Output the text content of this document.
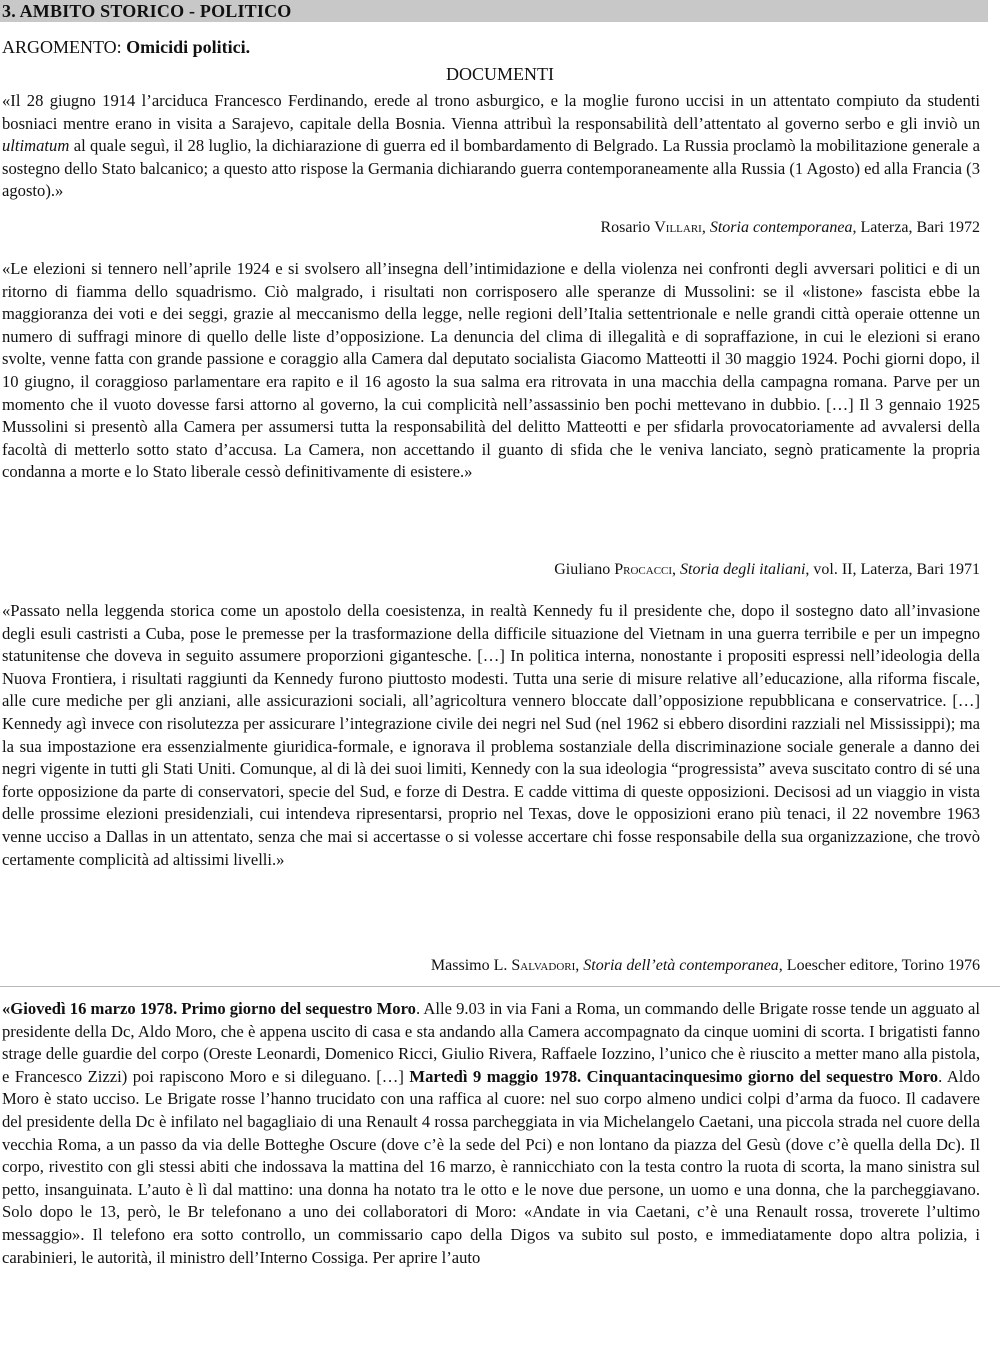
3. AMBITO STORICO - POLITICO
ARGOMENTO: Omicidi politici.
DOCUMENTI

«Il 28 giugno 1914 l’arciduca Francesco Ferdinando, erede al trono asburgico, e la moglie furono uccisi in un attentato compiuto da studenti bosniaci mentre erano in visita a Sarajevo, capitale della Bosnia. Vienna attribuì la responsabilità dell’attentato al governo serbo e gli inviò un ultimatum al quale seguì, il 28 luglio, la dichiarazione di guerra ed il bombardamento di Belgrado. La Russia proclamò la mobilitazione generale a sostegno dello Stato balcanico; a questo atto rispose la Germania dichiarando guerra contemporaneamente alla Russia (1 Agosto) ed alla Francia (3 agosto).»

Rosario Villari, Storia contemporanea, Laterza, Bari 1972

«Le elezioni si tennero nell’aprile 1924 e si svolsero all’insegna dell’intimidazione e della violenza nei confronti degli avversari politici e di un ritorno di fiamma dello squadrismo. Ciò malgrado, i risultati non corrisposero alle speranze di Mussolini: se il «listone» fascista ebbe la maggioranza dei voti e dei seggi, grazie al meccanismo della legge, nelle regioni dell’Italia settentrionale e nelle grandi città operaie ottenne un numero di suffragi minore di quello delle liste d’opposizione. La denuncia del clima di illegalità e di sopraffazione, in cui le elezioni si erano svolte, venne fatta con grande passione e coraggio alla Camera dal deputato socialista Giacomo Matteotti il 30 maggio 1924. Pochi giorni dopo, il 10 giugno, il coraggioso parlamentare era rapito e il 16 agosto la sua salma era ritrovata in una macchia della campagna romana. Parve per un momento che il vuoto dovesse farsi attorno al governo, la cui complicità nell’assassinio ben pochi mettevano in dubbio. […] Il 3 gennaio 1925 Mussolini si presentò alla Camera per assumersi tutta la responsabilità del delitto Matteotti e per sfidarla provocatoriamente ad avvalersi della facoltà di metterlo sotto stato d’accusa. La Camera, non accettando il guanto di sfida che le veniva lanciato, segnò praticamente la propria condanna a morte e lo Stato liberale cessò definitivamente di esistere.»

Giuliano Procacci, Storia degli italiani, vol. II, Laterza, Bari 1971

«Passato nella leggenda storica come un apostolo della coesistenza, in realtà Kennedy fu il presidente che, dopo il sostegno dato all’invasione degli esuli castristi a Cuba, pose le premesse per la trasformazione della difficile situazione del Vietnam in una guerra terribile e per un impegno statunitense che doveva in seguito assumere proporzioni gigantesche. […] In politica interna, nonostante i propositi espressi nell’ideologia della Nuova Frontiera, i risultati raggiunti da Kennedy furono piuttosto modesti. Tutta una serie di misure relative all’educazione, alla riforma fiscale, alle cure mediche per gli anziani, alle assicurazioni sociali, all’agricoltura vennero bloccate dall’opposizione repubblicana e conservatrice. […] Kennedy agì invece con risolutezza per assicurare l’integrazione civile dei negri nel Sud (nel 1962 si ebbero disordini razziali nel Mississippi); ma la sua impostazione era essenzialmente giuridica-formale, e ignorava il problema sostanziale della discriminazione sociale generale a danno dei negri vigente in tutti gli Stati Uniti. Comunque, al di là dei suoi limiti, Kennedy con la sua ideologia “progressista” aveva suscitato contro di sé una forte opposizione da parte di conservatori, specie del Sud, e forze di Destra. E cadde vittima di queste opposizioni. Decisosi ad un viaggio in vista delle prossime elezioni presidenziali, cui intendeva ripresentarsi, proprio nel Texas, dove le opposizioni erano più tenaci, il 22 novembre 1963 venne ucciso a Dallas in un attentato, senza che mai si accertasse o si volesse accertare chi fosse responsabile della sua organizzazione, che trovò certamente complicità ad altissimi livelli.»

Massimo L. Salvadori, Storia dell’età contemporanea, Loescher editore, Torino 1976

«Giovedì 16 marzo 1978. Primo giorno del sequestro Moro. Alle 9.03 in via Fani a Roma, un commando delle Brigate rosse tende un agguato al presidente della Dc, Aldo Moro, che è appena uscito di casa e sta andando alla Camera accompagnato da cinque uomini di scorta. I brigatisti fanno strage delle guardie del corpo (Oreste Leonardi, Domenico Ricci, Giulio Rivera, Raffaele Iozzino, l’unico che è riuscito a metter mano alla pistola, e Francesco Zizzi) poi rapiscono Moro e si dileguano. […] Martedì 9 maggio 1978. Cinquantacinquesimo giorno del sequestro Moro. Aldo Moro è stato ucciso. Le Brigate rosse l’hanno trucidato con una raffica al cuore: nel suo corpo almeno undici colpi d’arma da fuoco. Il cadavere del presidente della Dc è infilato nel bagagliaio di una Renault 4 rossa parcheggiata in via Michelangelo Caetani, una piccola strada nel cuore della vecchia Roma, a un passo da via delle Botteghe Oscure (dove c’è la sede del Pci) e non lontano da piazza del Gesù (dove c’è quella della Dc). Il corpo, rivestito con gli stessi abiti che indossava la mattina del 16 marzo, è rannicchiato con la testa contro la ruota di scorta, la mano sinistra sul petto, insanguinata. L’auto è lì dal mattino: una donna ha notato tra le otto e le nove due persone, un uomo e una donna, che la parcheggiavano. Solo dopo le 13, però, le Br telefonano a uno dei collaboratori di Moro: «Andate in via Caetani, c’è una Renault rossa, troverete l’ultimo messaggio». Il telefono era sotto controllo, un commissario capo della Digos va subito sul posto, e immediatamente dopo altra polizia, i carabinieri, le autorità, il ministro dell’Interno Cossiga. Per aprire l’auto
